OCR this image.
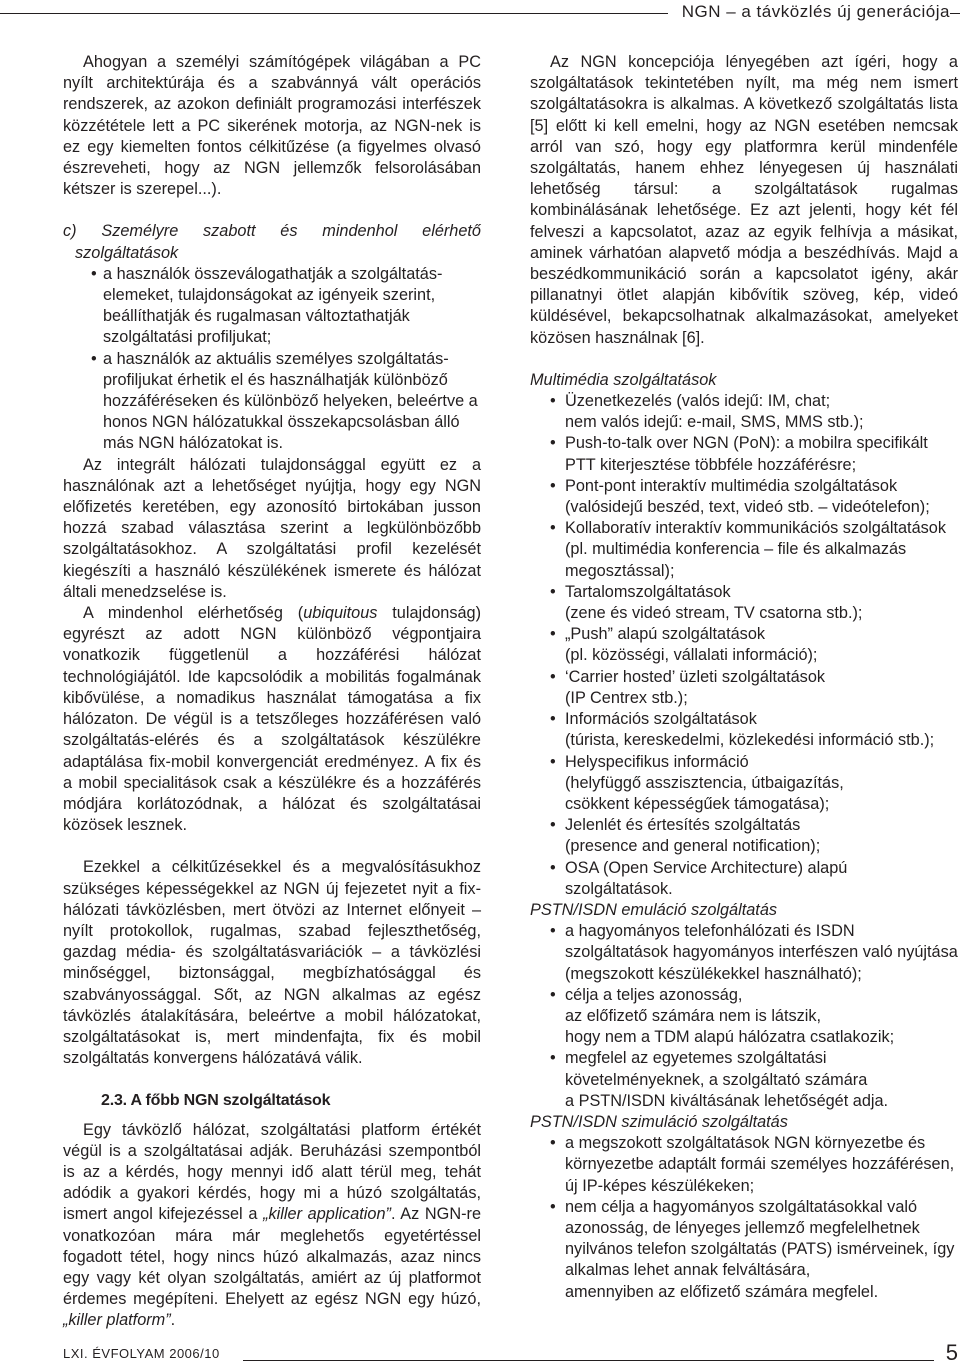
NGN – a távközlés új generációja

Ahogyan a személyi számítógépek világában a PC nyílt architektúrája és a szabvánnyá vált operációs rendszerek, az azokon definiált programozási interfészek közzététele lett a PC sikerének motorja, az NGN-nek is ez egy kiemelten fontos célkitűzése (a figyelmes olvasó észreveheti, hogy az NGN jellemzők felsorolásában kétszer is szerepel...).

c) Személyre szabott és mindenhol elérhető szolgáltatások

• a használók összeválogathatják a szolgáltatás-elemeket, tulajdonságokat az igényeik szerint, beállíthatják és rugalmasan változtathatják szolgáltatási profiljukat;
• a használók az aktuális személyes szolgáltatás-profiljukat érhetik el és használhatják különböző hozzáféréseken és különböző helyeken, beleértve a honos NGN hálózatukkal összekapcsolásban álló más NGN hálózatokat is.

Az integrált hálózati tulajdonsággal együtt ez a használónak azt a lehetőséget nyújtja, hogy egy NGN előfizetés keretében, egy azonosító birtokában jusson hozzá szabad választása szerint a legkülönbözőbb szolgáltatásokhoz. A szolgáltatási profil kezelését kiegészíti a használó készülékének ismerete és hálózat általi menedzselése is.

A mindenhol elérhetőség (ubiquitous tulajdonság) egyrészt az adott NGN különböző végpontjaira vonatkozik függetlenül a hozzáférési hálózat technológiájától. Ide kapcsolódik a mobilitás fogalmának kibővülése, a nomadikus használat támogatása a fix hálózaton. De végül is a tetszőleges hozzáférésen való szolgáltatás-elérés és a szolgáltatások készülékre adaptálása fix-mobil konvergenciát eredményez. A fix és a mobil specialitások csak a készülékre és a hozzáférés módjára korlátozódnak, a hálózat és szolgáltatásai közösek lesznek.

Ezekkel a célkitűzésekkel és a megvalósításukhoz szükséges képességekkel az NGN új fejezetet nyit a fix-hálózati távközlésben, mert ötvözi az Internet előnyeit – nyílt protokollok, rugalmas, szabad fejleszthetőség, gazdag média- és szolgáltatásvariációk – a távközlési minőséggel, biztonsággal, megbízhatósággal és szabványossággal. Sőt, az NGN alkalmas az egész távközlés átalakítására, beleértve a mobil hálózatokat, szolgáltatásokat is, mert mindenfajta, fix és mobil szolgáltatás konvergens hálózatává válik.

2.3. A főbb NGN szolgáltatások

Egy távközlő hálózat, szolgáltatási platform értékét végül is a szolgáltatásai adják. Beruházási szempontból is az a kérdés, hogy mennyi idő alatt térül meg, tehát adódik a gyakori kérdés, hogy mi a húzó szolgáltatás, ismert angol kifejezéssel a „killer application”. Az NGN-re vonatkozóan mára már meglehetős egyetértéssel fogadott tétel, hogy nincs húzó alkalmazás, azaz nincs egy vagy két olyan szolgáltatás, amiért az új platformot érdemes megépíteni. Ehelyett az egész NGN egy húzó, „killer platform”.

Az NGN koncepciója lényegében azt ígéri, hogy a szolgáltatások tekintetében nyílt, ma még nem ismert szolgáltatásokra is alkalmas. A következő szolgáltatás lista [5] előtt ki kell emelni, hogy az NGN esetében nemcsak arról van szó, hogy egy platformra kerül mindenféle szolgáltatás, hanem ehhez lényegesen új használati lehetőség társul: a szolgáltatások rugalmas kombinálásának lehetősége. Ez azt jelenti, hogy két fél felveszi a kapcsolatot, azaz az egyik felhívja a másikat, aminek várhatóan alapvető módja a beszédhívás. Majd a beszédkommunikáció során a kapcsolatot igény, akár pillanatnyi ötlet alapján kibővítik szöveg, kép, videó küldésével, bekapcsolhatnak alkalmazásokat, amelyeket közösen használnak [6].

Multimédia szolgáltatások

• Üzenetkezelés (valós idejű: IM, chat;
nem valós idejű: e-mail, SMS, MMS stb.);
• Push-to-talk over NGN (PoN): a mobilra specifikált PTT kiterjesztése többféle hozzáférésre;
• Pont-pont interaktív multimédia szolgáltatások (valósidejű beszéd, text, videó stb. – videótelefon);
• Kollaboratív interaktív kommunikációs szolgáltatások (pl. multimédia konferencia – file és alkalmazás megosztással);
• Tartalomszolgáltatások
(zene és videó stream, TV csatorna stb.);
• „Push” alapú szolgáltatások
(pl. közösségi, vállalati információ);
• ‘Carrier hosted’ üzleti szolgáltatások
(IP Centrex stb.);
• Információs szolgáltatások
(túrista, kereskedelmi, közlekedési információ stb.);
• Helyspecifikus információ
(helyfüggő asszisztencia, útbaigazítás,
csökkent képességűek támogatása);
• Jelenlét és értesítés szolgáltatás
(presence and general notification);
• OSA (Open Service Architecture) alapú szolgáltatások.

PSTN/ISDN emuláció szolgáltatás

• a hagyományos telefonhálózati és ISDN szolgáltatások hagyományos interfészen való nyújtása (megszokott készülékekkel használható);
• célja a teljes azonosság,
az előfizető számára nem is látszik,
hogy nem a TDM alapú hálózatra csatlakozik;
• megfelel az egyetemes szolgáltatási követelményeknek, a szolgáltató számára
a PSTN/ISDN kiváltásának lehetőségét adja.

PSTN/ISDN szimuláció szolgáltatás

• a megszokott szolgáltatások NGN környezetbe és környezetbe adaptált formái személyes hozzáférésen, új IP-képes készülékeken;
• nem célja a hagyományos szolgáltatásokkal való azonosság, de lényeges jellemző megfelelhetnek nyilvános telefon szolgáltatás (PATS) ismérveinek, így alkalmas lehet annak felváltására,
amennyiben az előfizető számára megfelel.
LXI. ÉVFOLYAM 2006/10	5
